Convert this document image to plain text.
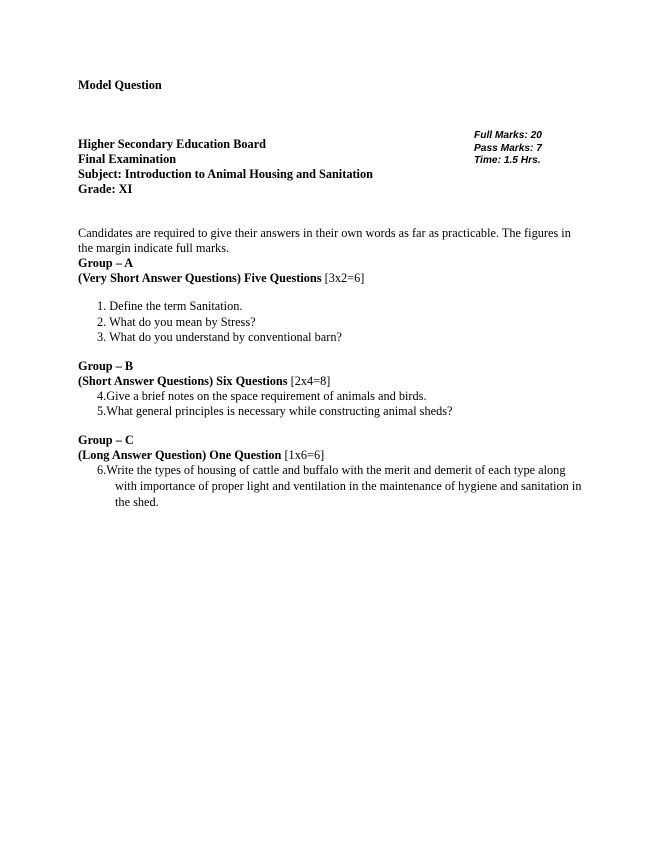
Model Question
Higher Secondary Education Board
Final Examination
Subject: Introduction to Animal Housing and Sanitation
Grade: XI
Full Marks: 20
Pass Marks: 7
Time: 1.5 Hrs.
Candidates are required to give their answers in their own words as far as practicable. The figures in the margin indicate full marks.
Group – A
(Very Short Answer Questions) Five Questions [3x2=6]
1. Define the term Sanitation.
2. What do you mean by Stress?
3. What do you understand by conventional barn?
Group – B
(Short Answer Questions) Six Questions [2x4=8]
4.Give a brief notes on the space requirement of animals and birds.
5.What general principles is necessary while constructing animal sheds?
Group – C
(Long Answer Question) One Question [1x6=6]
6.Write the types of housing of cattle and buffalo with the merit and demerit of each type along with importance of proper light and ventilation in the maintenance of hygiene and sanitation in the shed.
